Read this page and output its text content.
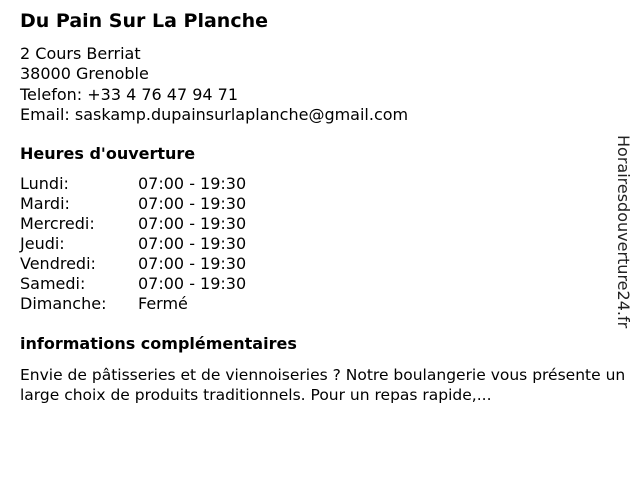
Du Pain Sur La Planche
2 Cours Berriat
38000 Grenoble
Telefon: +33 4 76 47 94 71
Email: saskamp.dupainsurlaplanche@gmail.com
Heures d'ouverture
Lundi:	07:00 - 19:30
Mardi:	07:00 - 19:30
Mercredi:	07:00 - 19:30
Jeudi:	07:00 - 19:30
Vendredi:	07:00 - 19:30
Samedi:	07:00 - 19:30
Dimanche: Fermé
informations complémentaires
Envie de pâtisseries et de viennoiseries ? Notre boulangerie vous présente un large choix de produits traditionnels. Pour un repas rapide,...
Horairesdouverture24.fr
